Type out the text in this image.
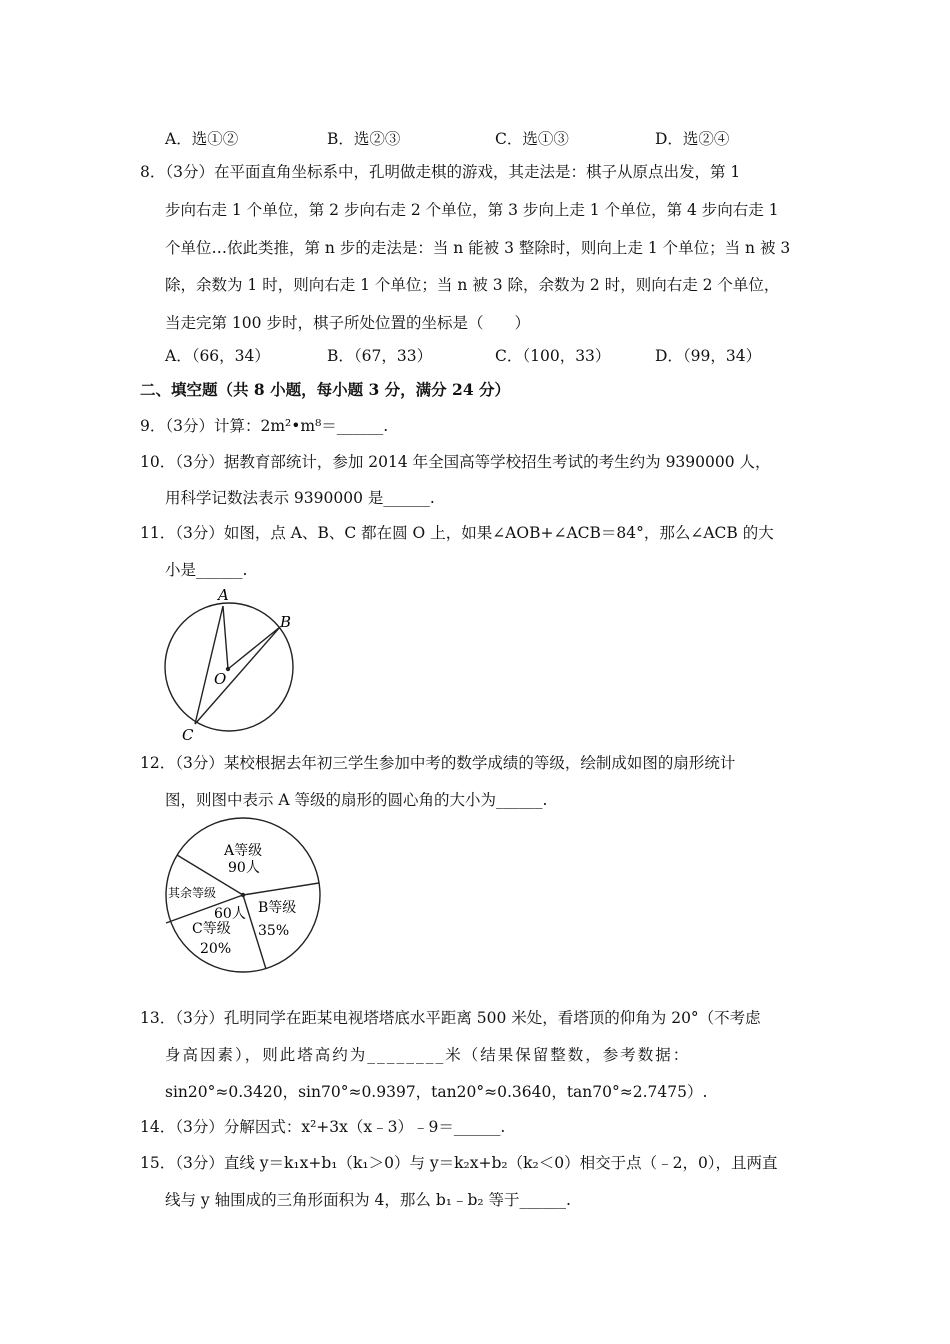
A．选①②	B．选②③	C．选①③	D．选②④
8．（3分）在平面直角坐标系中，孔明做走棋的游戏，其走法是：棋子从原点出发，第 1
步向右走 1 个单位，第 2 步向右走 2 个单位，第 3 步向上走 1 个单位，第 4 步向右走 1
个单位…依此类推，第 n 步的走法是：当 n 能被 3 整除时，则向上走 1 个单位；当 n 被 3
除，余数为 1 时，则向右走 1 个单位；当 n 被 3 除，余数为 2 时，则向右走 2 个单位，
当走完第 100 步时，棋子所处位置的坐标是（　　）
A．（66，34）	B．（67，33）	C．（100，33）	D．（99，34）
二、填空题（共 8 小题，每小题 3 分，满分 24 分）
9．（3分）计算：2m²•m⁸＝______.
10．（3分）据教育部统计，参加 2014 年全国高等学校招生考试的考生约为 9390000 人，
用科学记数法表示 9390000 是______.
11．（3分）如图，点 A、B、C 都在圆 O 上，如果∠AOB+∠ACB＝84°，那么∠ACB 的大
小是______.
A
B
O
C
12．（3分）某校根据去年初三学生参加中考的数学成绩的等级，绘制成如图的扇形统计
图，则图中表示 A 等级的扇形的圆心角的大小为______.
A等级
90人
其余等级
60人 B等级
35%
C等级
20%
13．（3分）孔明同学在距某电视塔塔底水平距离 500 米处，看塔顶的仰角为 20°（不考虑
身高因素），则此塔高约为________米（结果保留整数，参考数据：
sin20°≈0.3420，sin70°≈0.9397，tan20°≈0.3640，tan70°≈2.7475）.
14．（3分）分解因式：x²+3x（x﹣3）﹣9＝______.
15．（3分）直线 y＝k₁x+b₁（k₁＞0）与 y＝k₂x+b₂（k₂＜0）相交于点（﹣2，0），且两直
线与 y 轴围成的三角形面积为 4，那么 b₁﹣b₂ 等于______.
